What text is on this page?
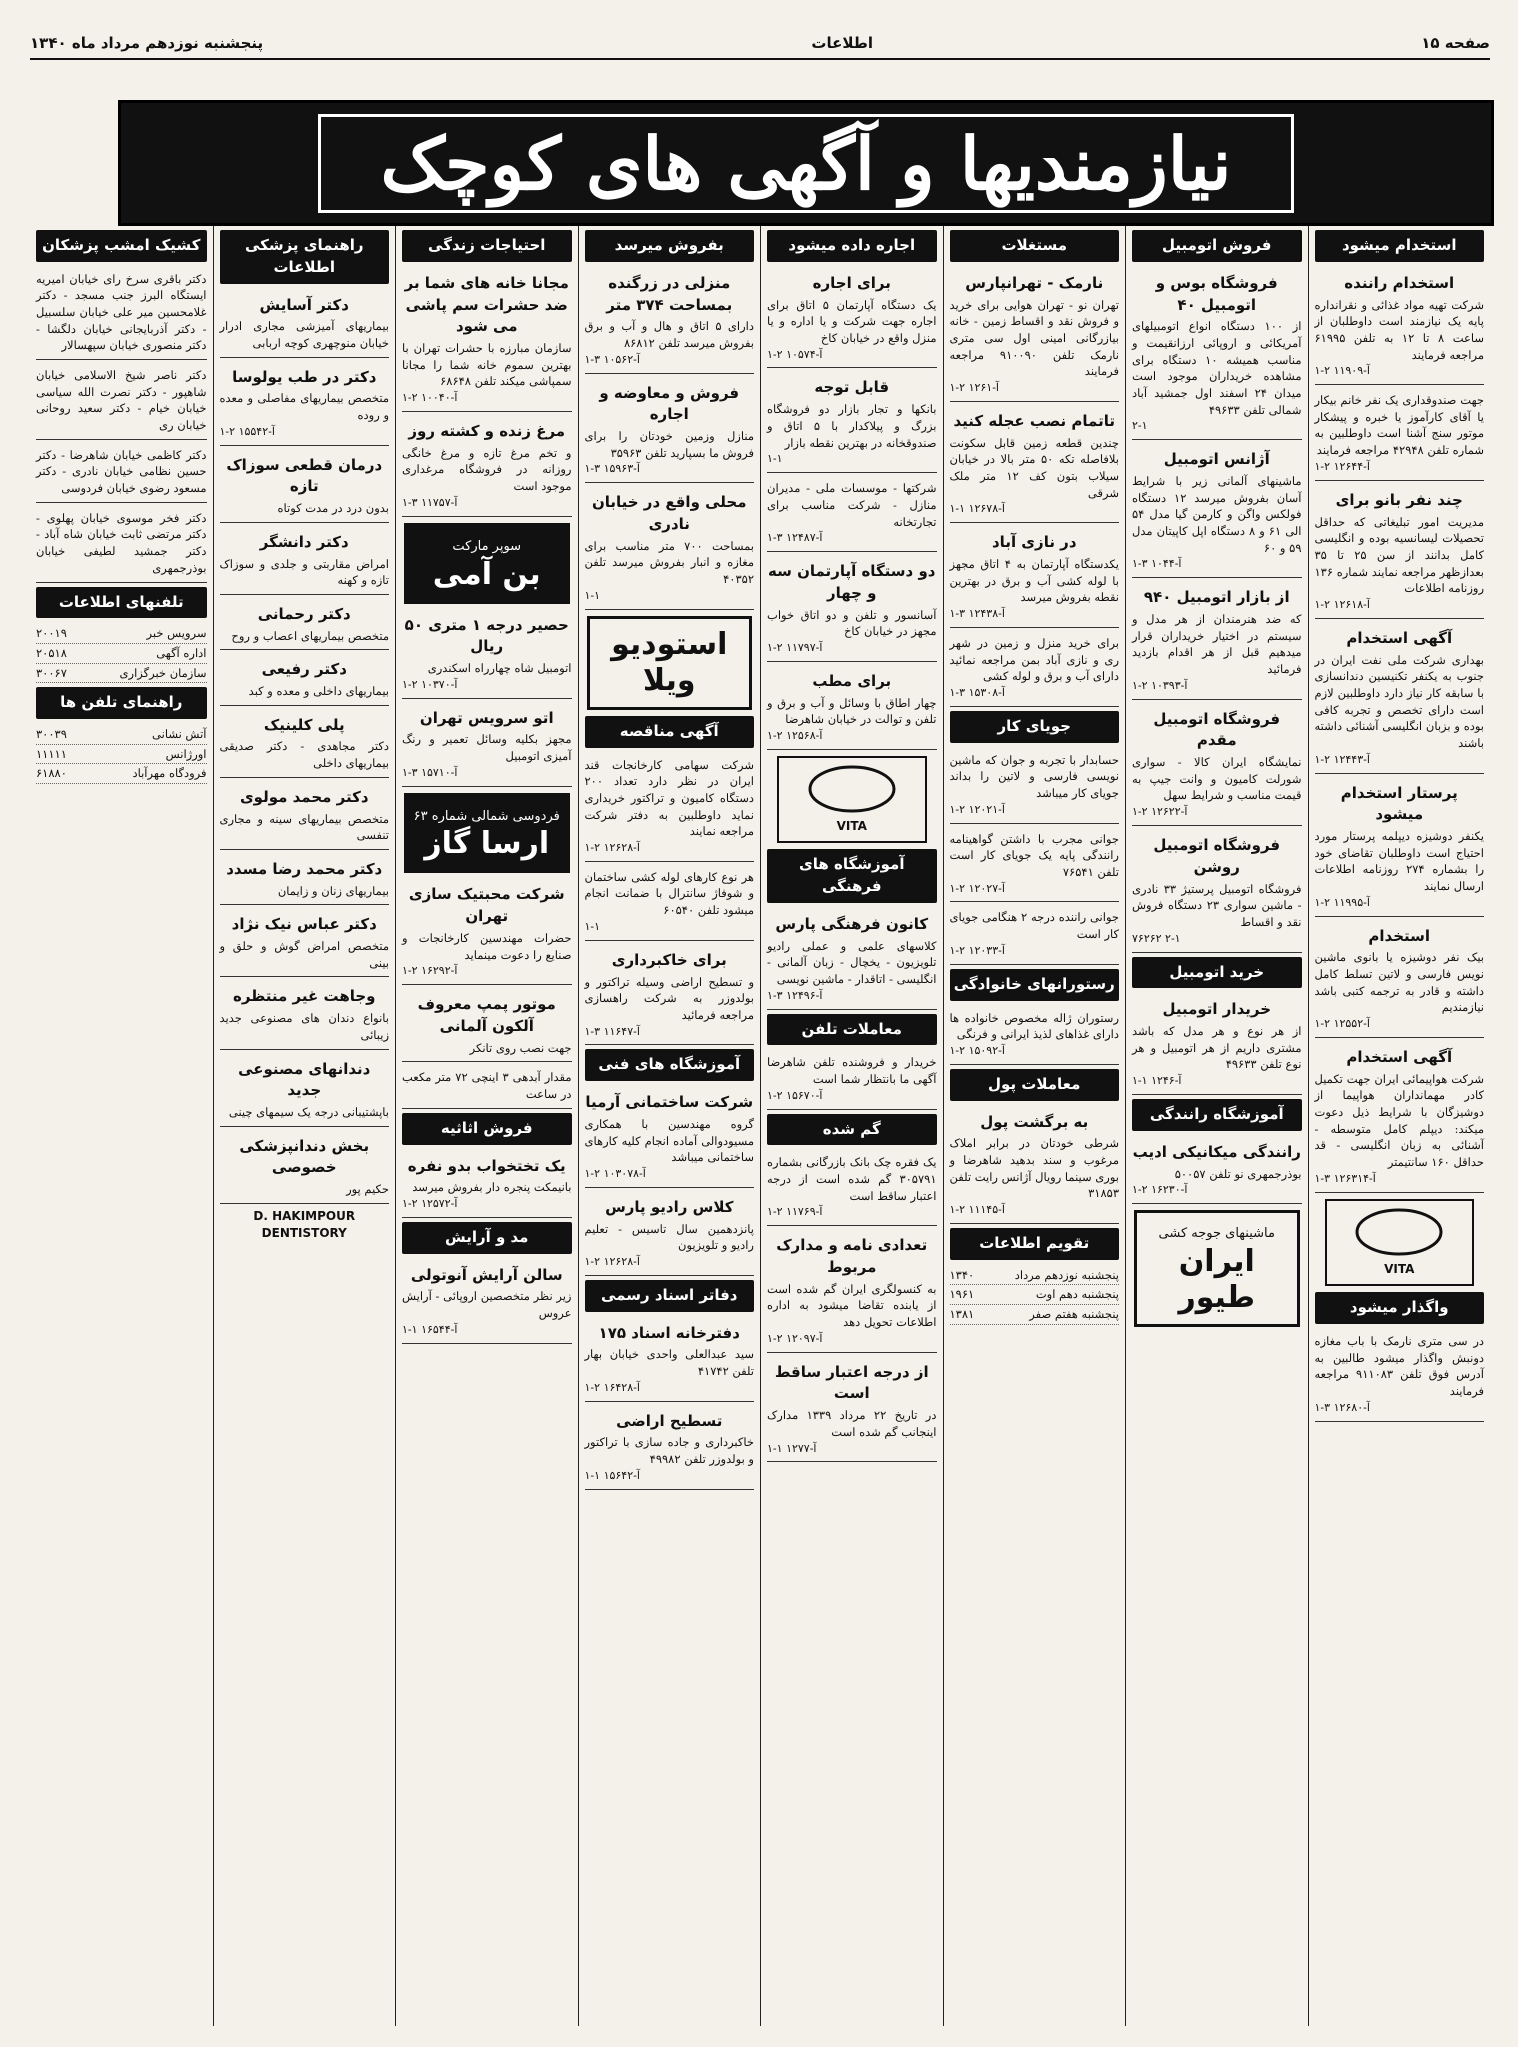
صفحه ۱۵
اطلاعات
پنجشنبه نوزدهم مرداد ماه ۱۳۴۰
نیازمندیها و آگهی های کوچک
استخدام میشود
استخدام راننده
شرکت تهیه مواد غذائی و نقرانداره پایه یک نیازمند است داوطلبان از ساعت ۸ تا ۱۲ به تلفن ۶۱۹۹۵ مراجعه فرمایند
آ-۱۱۹۰۹ ۲-۱
جهت صندوقداری یک نفر خانم بیکار یا آقای کارآموز یا خبره و پیشکار موتور سنج آشنا است داوطلبین به شماره تلفن ۴۲۹۴۸ مراجعه فرمایند
آ-۱۲۶۴۴ ۲-۱
چند نفر بانو برای
مدیریت امور تبلیغاتی که حداقل تحصیلات لیسانسیه بوده و انگلیسی کامل بدانند از سن ۲۵ تا ۳۵ بعدازظهر مراجعه نمایند شماره ۱۳۶ روزنامه اطلاعات
آ-۱۲۶۱۸ ۲-۱
آگهی استخدام
بهداری شرکت ملی نفت ایران در جنوب به یکنفر تکنیسین دندانسازی با سابقه کار نیاز دارد داوطلبین لازم است دارای تخصص و تجربه کافی بوده و بزبان انگلیسی آشنائی داشته باشند
آ-۱۲۴۴۳ ۲-۱
پرستار استخدام میشود
یکنفر دوشیزه دیپلمه پرستار مورد احتیاج است داوطلبان تقاضای خود را بشماره ۲۷۴ روزنامه اطلاعات ارسال نمایند
آ-۱۱۹۹۵ ۲-۱
استخدام
بیک نفر دوشیزه یا بانوی ماشین نویس فارسی و لاتین تسلط کامل داشته و قادر به ترجمه کتبی باشد نیازمندیم
آ-۱۲۵۵۲ ۲-۱
آگهی استخدام
شرکت هواپیمائی ایران جهت تکمیل کادر مهمانداران هواپیما از دوشیزگان با شرایط ذیل دعوت میکند: دیپلم کامل متوسطه - آشنائی به زبان انگلیسی - قد حداقل ۱۶۰ سانتیمتر
آ-۱۲۶۳۱۴ ۳-۱
VITA
واگذار میشود
در سی متری نارمک با باب مغازه دونبش واگذار میشود طالبین به آدرس فوق تلفن ۹۱۱۰۸۳ مراجعه فرمایند
آ-۱۲۶۸۰ ۳-۱
فروش اتومبیل
فروشگاه بوس و اتومبیل ۴۰
از ۱۰۰ دستگاه انواع اتومبیلهای آمریکائی و اروپائی ارزانقیمت و مناسب همیشه ۱۰ دستگاه برای مشاهده خریداران موجود است میدان ۲۴ اسفند اول جمشید آباد شمالی تلفن ۴۹۶۳۳
۲-۱
آژانس اتومبیل
ماشینهای آلمانی زیر با شرایط آسان بفروش میرسد ۱۲ دستگاه فولکس واگن و کارمن گیا مدل ۵۴ الی ۶۱ و ۸ دستگاه اپل کاپیتان مدل ۵۹ و ۶۰
آ-۱۰۴۴ ۳-۱
از بازار اتومبیل ۹۴۰
که ضد هنرمندان از هر مدل و سیستم در اختیار خریداران قرار میدهیم قبل از هر اقدام بازدید فرمائید
آ-۱۰۳۹۳ ۲-۱
فروشگاه اتومبیل مقدم
نمایشگاه ایران کالا - سواری شورلت کامیون و وانت جیپ به قیمت مناسب و شرایط سهل
آ-۱۲۶۲۲ ۲-۱
فروشگاه اتومبیل روشن
فروشگاه اتومبیل پرستیژ ۳۳ نادری - ماشین سواری ۲۳ دستگاه فروش نقد و اقساط
۷۶۲۶۲ ۲-۱
خرید اتومبیل
خریدار اتومبیل
از هر نوع و هر مدل که باشد مشتری داریم از هر اتومبیل و هر نوع تلفن ۴۹۶۳۳
آ-۱۲۴۶ ۱-۱
آموزشگاه رانندگی
رانندگی میکانیکی ادیب
بوذرجمهری نو تلفن ۵۰۰۵۷
آ-۱۶۲۳۰ ۲-۱
ماشینهای جوجه کشی
ایران طیور
مستغلات
نارمک - تهرانپارس
تهران نو - تهران هوایی برای خرید و فروش نقد و اقساط زمین - خانه بیازرگانی امینی اول سی متری نارمک تلفن ۹۱۰۰۹۰ مراجعه فرمایند
آ-۱۲۶۱ ۲-۱
تاتمام نصب عجله کنید
چندین قطعه زمین قابل سکونت بلافاصله تکه ۵۰ متر بالا در خیابان سیلاب بتون کف ۱۲ متر ملک شرقی
آ-۱۲۶۷۸ ۱-۱
در نازی آباد
یکدستگاه آپارتمان به ۴ اتاق مجهز با لوله کشی آب و برق در بهترین نقطه بفروش میرسد
آ-۱۲۴۳۸ ۳-۱
برای خرید منزل و زمین در شهر ری و نازی آباد بمن مراجعه نمائید دارای آب و برق و لوله کشی
آ-۱۵۳۰۸ ۳-۱
جویای کار
حسابدار با تجربه و جوان که ماشین نویسی فارسی و لاتین را بداند جویای کار میباشد
آ-۱۲۰۲۱ ۲-۱
جوانی مجرب با داشتن گواهینامه رانندگی پایه یک جویای کار است تلفن ۷۶۵۴۱
آ-۱۲۰۲۷ ۲-۱
جوانی راننده درجه ۲ هنگامی جویای کار است
آ-۱۲۰۳۳ ۲-۱
رستورانهای خانوادگی
رستوران ژاله مخصوص خانواده ها دارای غذاهای لذیذ ایرانی و فرنگی
آ-۱۵۰۹۲ ۲-۱
معاملات پول
به برگشت پول
شرطی خودتان در برابر املاک مرغوب و سند بدهید شاهرضا و بوری سینما رویال آژانس رایت تلفن ۳۱۸۵۳
آ-۱۱۱۴۵ ۲-۱
تقویم اطلاعات
پنجشنبه نوزدهم مرداد
۱۳۴۰
پنجشنبه دهم اوت
۱۹۶۱
پنجشنبه هفتم صفر
۱۳۸۱
اجاره داده میشود
برای اجاره
یک دستگاه آپارتمان ۵ اتاق برای اجاره جهت شرکت و یا اداره و یا منزل واقع در خیابان کاخ
آ-۱۰۵۷۴ ۲-۱
قابل توجه
بانکها و تجار بازار دو فروشگاه بزرگ و پیلاکدار با ۵ اتاق و صندوقخانه در بهترین نقطه بازار
۱-۱
شرکتها - موسسات ملی - مدیران منازل - شرکت مناسب برای تجارتخانه
آ-۱۲۴۸۷ ۳-۱
دو دستگاه آپارتمان سه و چهار
آسانسور و تلفن و دو اتاق خواب مجهز در خیابان کاخ
آ-۱۱۷۹۷ ۲-۱
برای مطب
چهار اطاق با وسائل و آب و برق و تلفن و توالت در خیابان شاهرضا
آ-۱۲۵۶۸ ۲-۱
VITA
آموزشگاه های فرهنگی
کانون فرهنگی پارس
کلاسهای علمی و عملی رادیو تلویزیون - یخچال - زبان آلمانی - انگلیسی - اتاقدار - ماشین نویسی
آ-۱۲۴۹۶ ۳-۱
معاملات تلفن
خریدار و فروشنده تلفن شاهرضا آگهی ما بانتظار شما است
آ-۱۵۶۷۰ ۲-۱
گم شده
یک فقره چک بانک بازرگانی بشماره ۳۰۵۷۹۱ گم شده است از درجه اعتبار ساقط است
آ-۱۱۷۶۹ ۲-۱
تعدادی نامه و مدارک مربوط
به کنسولگری ایران گم شده است از یابنده تقاضا میشود به اداره اطلاعات تحویل دهد
آ-۱۲۰۹۷ ۲-۱
از درجه اعتبار ساقط است
در تاریخ ۲۲ مرداد ۱۳۳۹ مدارک اینجانب گم شده است
آ-۱۲۷۷ ۱-۱
بفروش میرسد
منزلی در زرگنده بمساحت ۳۷۴ متر
دارای ۵ اتاق و هال و آب و برق بفروش میرسد تلفن ۸۶۸۱۲
آ-۱۰۵۶۲ ۳-۱
فروش و معاوضه و اجاره
منازل وزمین خودتان را برای فروش ما بسپارید تلفن ۳۵۹۶۳
آ-۱۵۹۶۳ ۳-۱
محلی واقع در خیابان نادری
بمساحت ۷۰۰ متر مناسب برای مغازه و انبار بفروش میرسد تلفن ۴۰۳۵۲
۱-۱
استودیو ویلا
آگهی مناقصه
شرکت سهامی کارخانجات قند ایران در نظر دارد تعداد ۲۰۰ دستگاه کامیون و تراکتور خریداری نماید داوطلبین به دفتر شرکت مراجعه نمایند
آ-۱۲۶۲۸ ۲-۱
هر نوع کارهای لوله کشی ساختمان و شوفاژ سانترال با ضمانت انجام میشود تلفن ۶۰۵۴۰
۱-۱
برای خاکبرداری
و تسطیح اراضی وسیله تراکتور و بولدوزر به شرکت راهسازی مراجعه فرمائید
آ-۱۱۶۴۷ ۳-۱
آموزشگاه های فنی
شرکت ساختمانی آرمیا
گروه مهندسین با همکاری مسیودوالی آماده انجام کلیه کارهای ساختمانی میباشد
آ-۱۰۳۰۷۸ ۲-۱
کلاس رادیو پارس
پانزدهمین سال تاسیس - تعلیم رادیو و تلویزیون
آ-۱۲۶۲۸ ۲-۱
دفاتر اسناد رسمی
دفترخانه اسناد ۱۷۵
سید عبدالعلی واحدی خیابان بهار تلفن ۴۱۷۴۲
آ-۱۶۴۲۸ ۲-۱
تسطیح اراضی
خاکبرداری و جاده سازی با تراکتور و بولدوزر تلفن ۴۹۹۸۲
آ-۱۵۶۴۲ ۱-۱
احتیاجات زندگی
مجانا خانه های شما بر ضد حشرات سم پاشی می شود
سازمان مبارزه با حشرات تهران با بهترین سموم خانه شما را مجانا سمپاشی میکند تلفن ۶۸۶۴۸
آ-۱۰۰۴۰ ۲-۱
مرغ زنده و کشته روز
و تخم مرغ تازه و مرغ خانگی روزانه در فروشگاه مرغداری موجود است
آ-۱۱۷۵۷ ۳-۱
سوپر مارکت
بن آمی
حصیر درجه ۱ متری ۵۰ ریال
اتومبیل شاه چهارراه اسکندری
آ-۱۰۳۷۰ ۲-۱
اتو سرویس تهران
مجهز بکلیه وسائل تعمیر و رنگ آمیزی اتومبیل
آ-۱۵۷۱۰ ۳-۱
فردوسی شمالی شماره ۶۳
ارسا گاز
شرکت محبتیک سازی تهران
حضرات مهندسین کارخانجات و صنایع را دعوت مینماید
آ-۱۶۲۹۲ ۲-۱
موتور پمپ معروف آلکون آلمانی
جهت نصب روی تانکر
مقدار آبدهی ۳ اینچی ۷۲ متر مکعب در ساعت
فروش اثاثیه
یک تختخواب بدو نفره
بانیمکت پنجره دار بفروش میرسد
آ-۱۲۵۷۲ ۲-۱
مد و آرایش
سالن آرایش آنوتولی
زیر نظر متخصصین اروپائی - آرایش عروس
آ-۱۶۵۴۴ ۱-۱
راهنمای پزشکی اطلاعات
دکتر آسایش
بیماریهای آمیزشی مجاری ادرار خیابان منوچهری کوچه اربابی
دکتر در طب یولوسا
متخصص بیماریهای مفاصلی و معده و روده
آ-۱۵۵۴۲ ۲-۱
درمان قطعی سوزاک تازه
بدون درد در مدت کوتاه
دکتر دانشگر
امراض مقاربتی و جلدی و سوزاک تازه و کهنه
دکتر رحمانی
متخصص بیماریهای اعصاب و روح
دکتر رفیعی
بیماریهای داخلی و معده و کبد
پلی کلینیک
دکتر مجاهدی - دکتر صدیقی بیماریهای داخلی
دکتر محمد مولوی
متخصص بیماریهای سینه و مجاری تنفسی
دکتر محمد رضا مسدد
بیماریهای زنان و زایمان
دکتر عباس نیک نژاد
متخصص امراض گوش و حلق و بینی
وجاهت غیر منتظره
بانواع دندان های مصنوعی جدید زیبائی
دندانهای مصنوعی جدید
باپشتیبانی درجه یک سیمهای چینی
بخش دندانپزشکی خصوصی
حکیم پور
D. HAKIMPOUR DENTISTORY
کشیک امشب پزشکان
دکتر باقری سرخ رای خیابان امیریه ایستگاه البرز جنب مسجد - دکتر غلامحسین میر علی خیابان سلسبیل - دکتر آذربایجانی خیابان دلگشا - دکتر منصوری خیابان سپهسالار
دکتر ناصر شیخ الاسلامی خیابان شاهپور - دکتر نصرت الله سیاسی خیابان خیام - دکتر سعید روحانی خیابان ری
دکتر کاظمی خیابان شاهرضا - دکتر حسین نظامی خیابان نادری - دکتر مسعود رضوی خیابان فردوسی
دکتر فخر موسوی خیابان پهلوی - دکتر مرتضی ثابت خیابان شاه آباد - دکتر جمشید لطیفی خیابان بوذرجمهری
تلفنهای اطلاعات
سرویس خبر
۲۰۰۱۹
اداره آگهی
۲۰۵۱۸
سازمان خبرگزاری
۳۰۰۶۷
راهنمای تلفن ها
آتش نشانی
۳۰۰۳۹
اورژانس
۱۱۱۱۱
فرودگاه مهرآباد
۶۱۸۸۰
